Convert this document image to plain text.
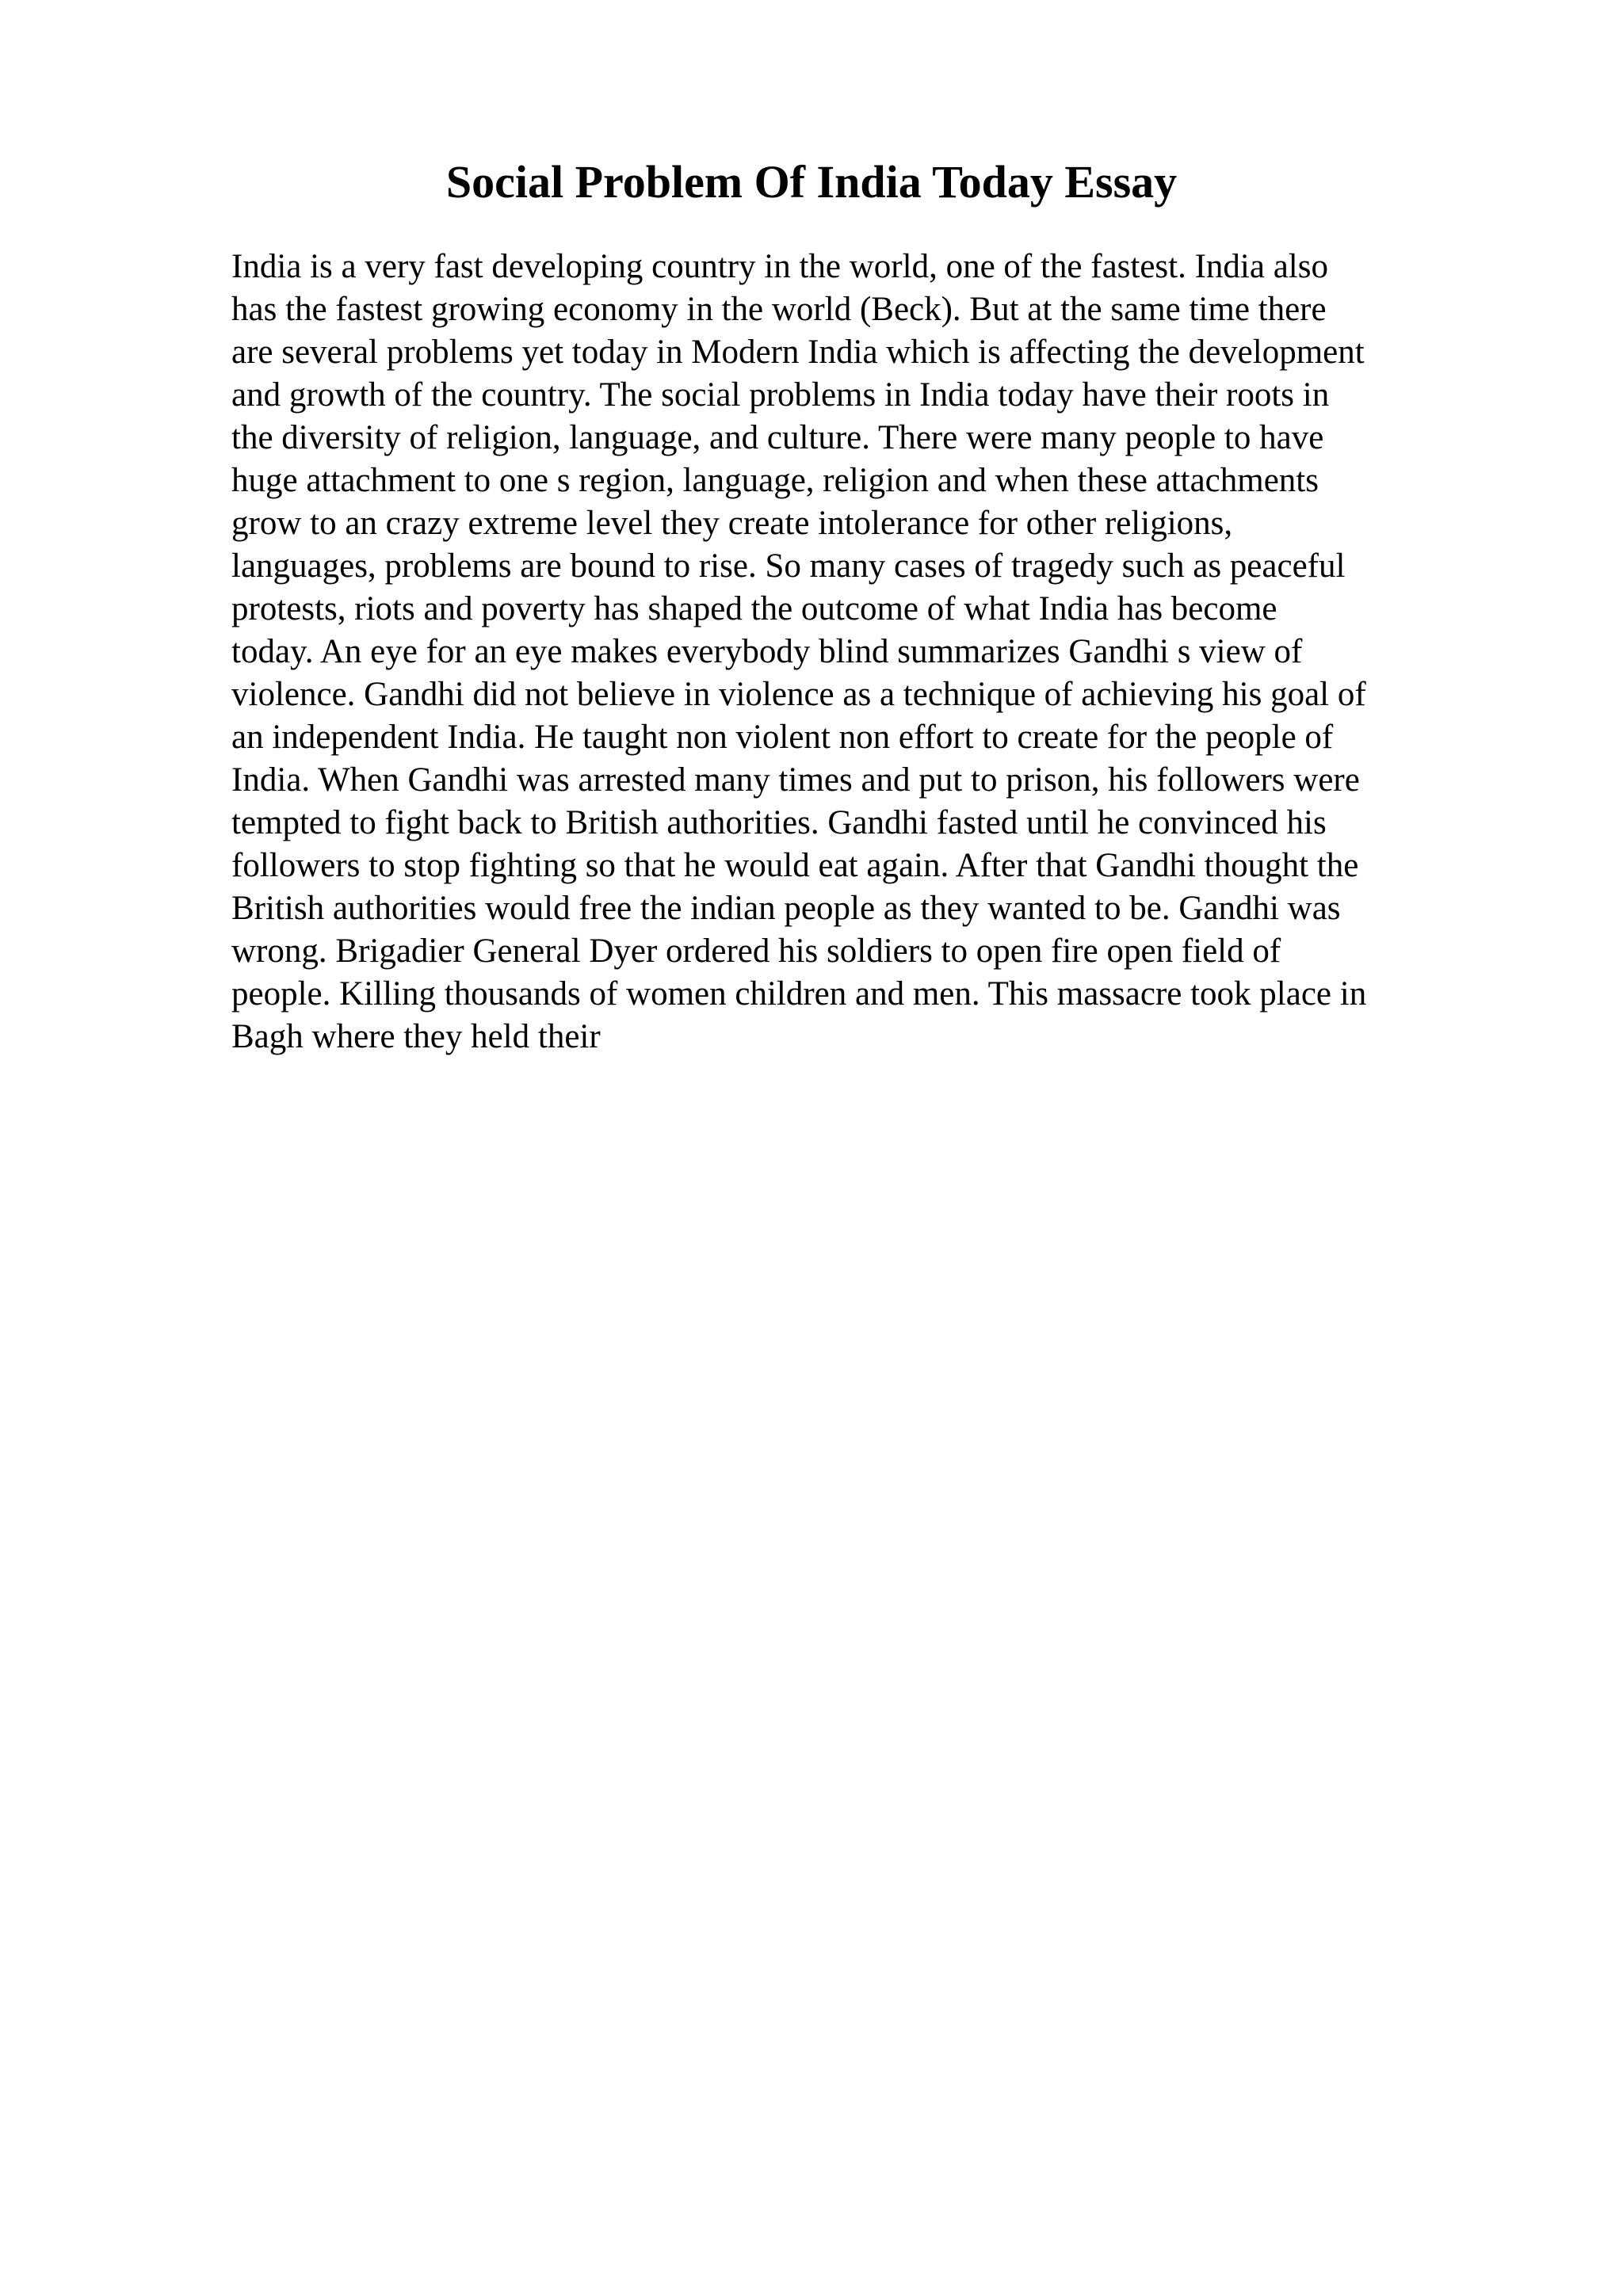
Social Problem Of India Today Essay
India is a very fast developing country in the world, one of the fastest. India also
has the fastest growing economy in the world (Beck). But at the same time there
are several problems yet today in Modern India which is affecting the development
and growth of the country. The social problems in India today have their roots in
the diversity of religion, language, and culture. There were many people to have
huge attachment to one s region, language, religion and when these attachments
grow to an crazy extreme level they create intolerance for other religions,
languages, problems are bound to rise. So many cases of tragedy such as peaceful
protests, riots and poverty has shaped the outcome of what India has become
today. An eye for an eye makes everybody blind summarizes Gandhi s view of
violence. Gandhi did not believe in violence as a technique of achieving his goal of
an independent India. He taught non violent non effort to create for the people of
India. When Gandhi was arrested many times and put to prison, his followers were
tempted to fight back to British authorities. Gandhi fasted until he convinced his
followers to stop fighting so that he would eat again. After that Gandhi thought the
British authorities would free the indian people as they wanted to be. Gandhi was
wrong. Brigadier General Dyer ordered his soldiers to open fire open field of
people. Killing thousands of women children and men. This massacre took place in
Bagh where they held their
